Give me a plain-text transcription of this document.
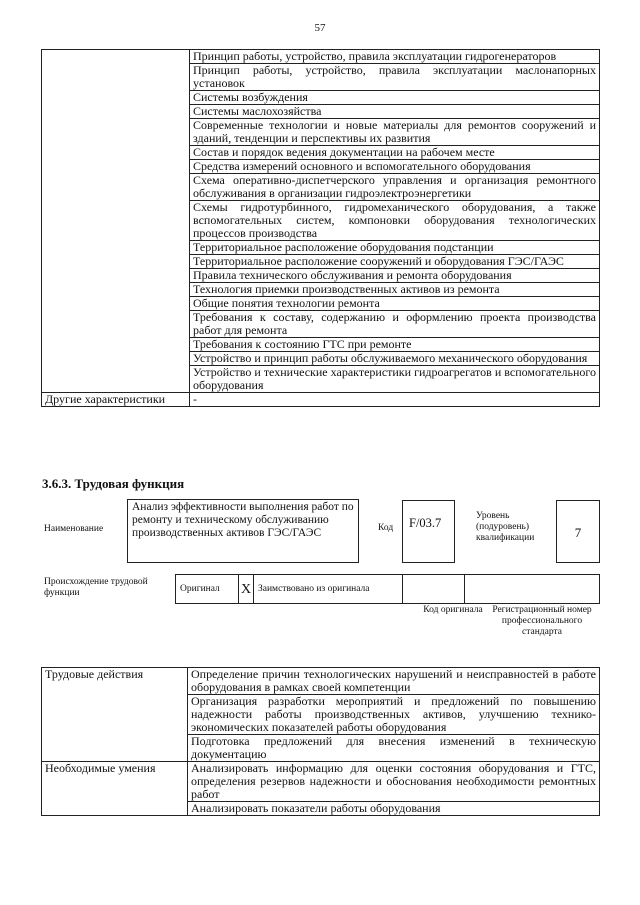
57
	Принцип работы, устройство, правила эксплуатации гидрогенераторов
	Принцип работы, устройство, правила эксплуатации маслонапорных установок
	Системы возбуждения
	Системы маслохозяйства
	Современные технологии и новые материалы для ремонтов сооружений и зданий, тенденции и перспективы их развития
	Состав и порядок ведения документации на рабочем месте
	Средства измерений основного и вспомогательного оборудования
	Схема оперативно-диспетчерского управления и организация ремонтного обслуживания в организации гидроэлектроэнергетики
	Схемы гидротурбинного, гидромеханического оборудования, а также вспомогательных систем, компоновки оборудования технологических процессов производства
	Территориальное расположение оборудования подстанции
	Территориальное расположение сооружений и оборудования ГЭС/ГАЭС
	Правила технического обслуживания и ремонта оборудования
	Технология приемки производственных активов из ремонта
	Общие понятия технологии ремонта
	Требования к составу, содержанию и оформлению проекта производства работ для ремонта
	Требования к состоянию ГТС при ремонте
	Устройство и принцип работы обслуживаемого механического оборудования
	Устройство и технические характеристики гидроагрегатов и вспомогательного оборудования
Другие характеристики	-
3.6.3. Трудовая функция
Наименование
Анализ эффективности выполнения работ по ремонту и техническому обслуживанию производственных активов ГЭС/ГАЭС	Код	F/03.7	Уровень (подуровень) квалификации	7
Происхождение трудовой функции	Оригинал	X	Заимствовано из оригинала		
Код оригинала	Регистрационный номер профессионального стандарта
Трудовые действия	Определение причин технологических нарушений и неисправностей в работе оборудования в рамках своей компетенции
	Организация разработки мероприятий и предложений по повышению надежности работы производственных активов, улучшению технико-экономических показателей работы оборудования
	Подготовка предложений для внесения изменений в техническую документацию
Необходимые умения	Анализировать информацию для оценки состояния оборудования и ГТС, определения резервов надежности и обоснования необходимости ремонтных работ
	Анализировать показатели работы оборудования
